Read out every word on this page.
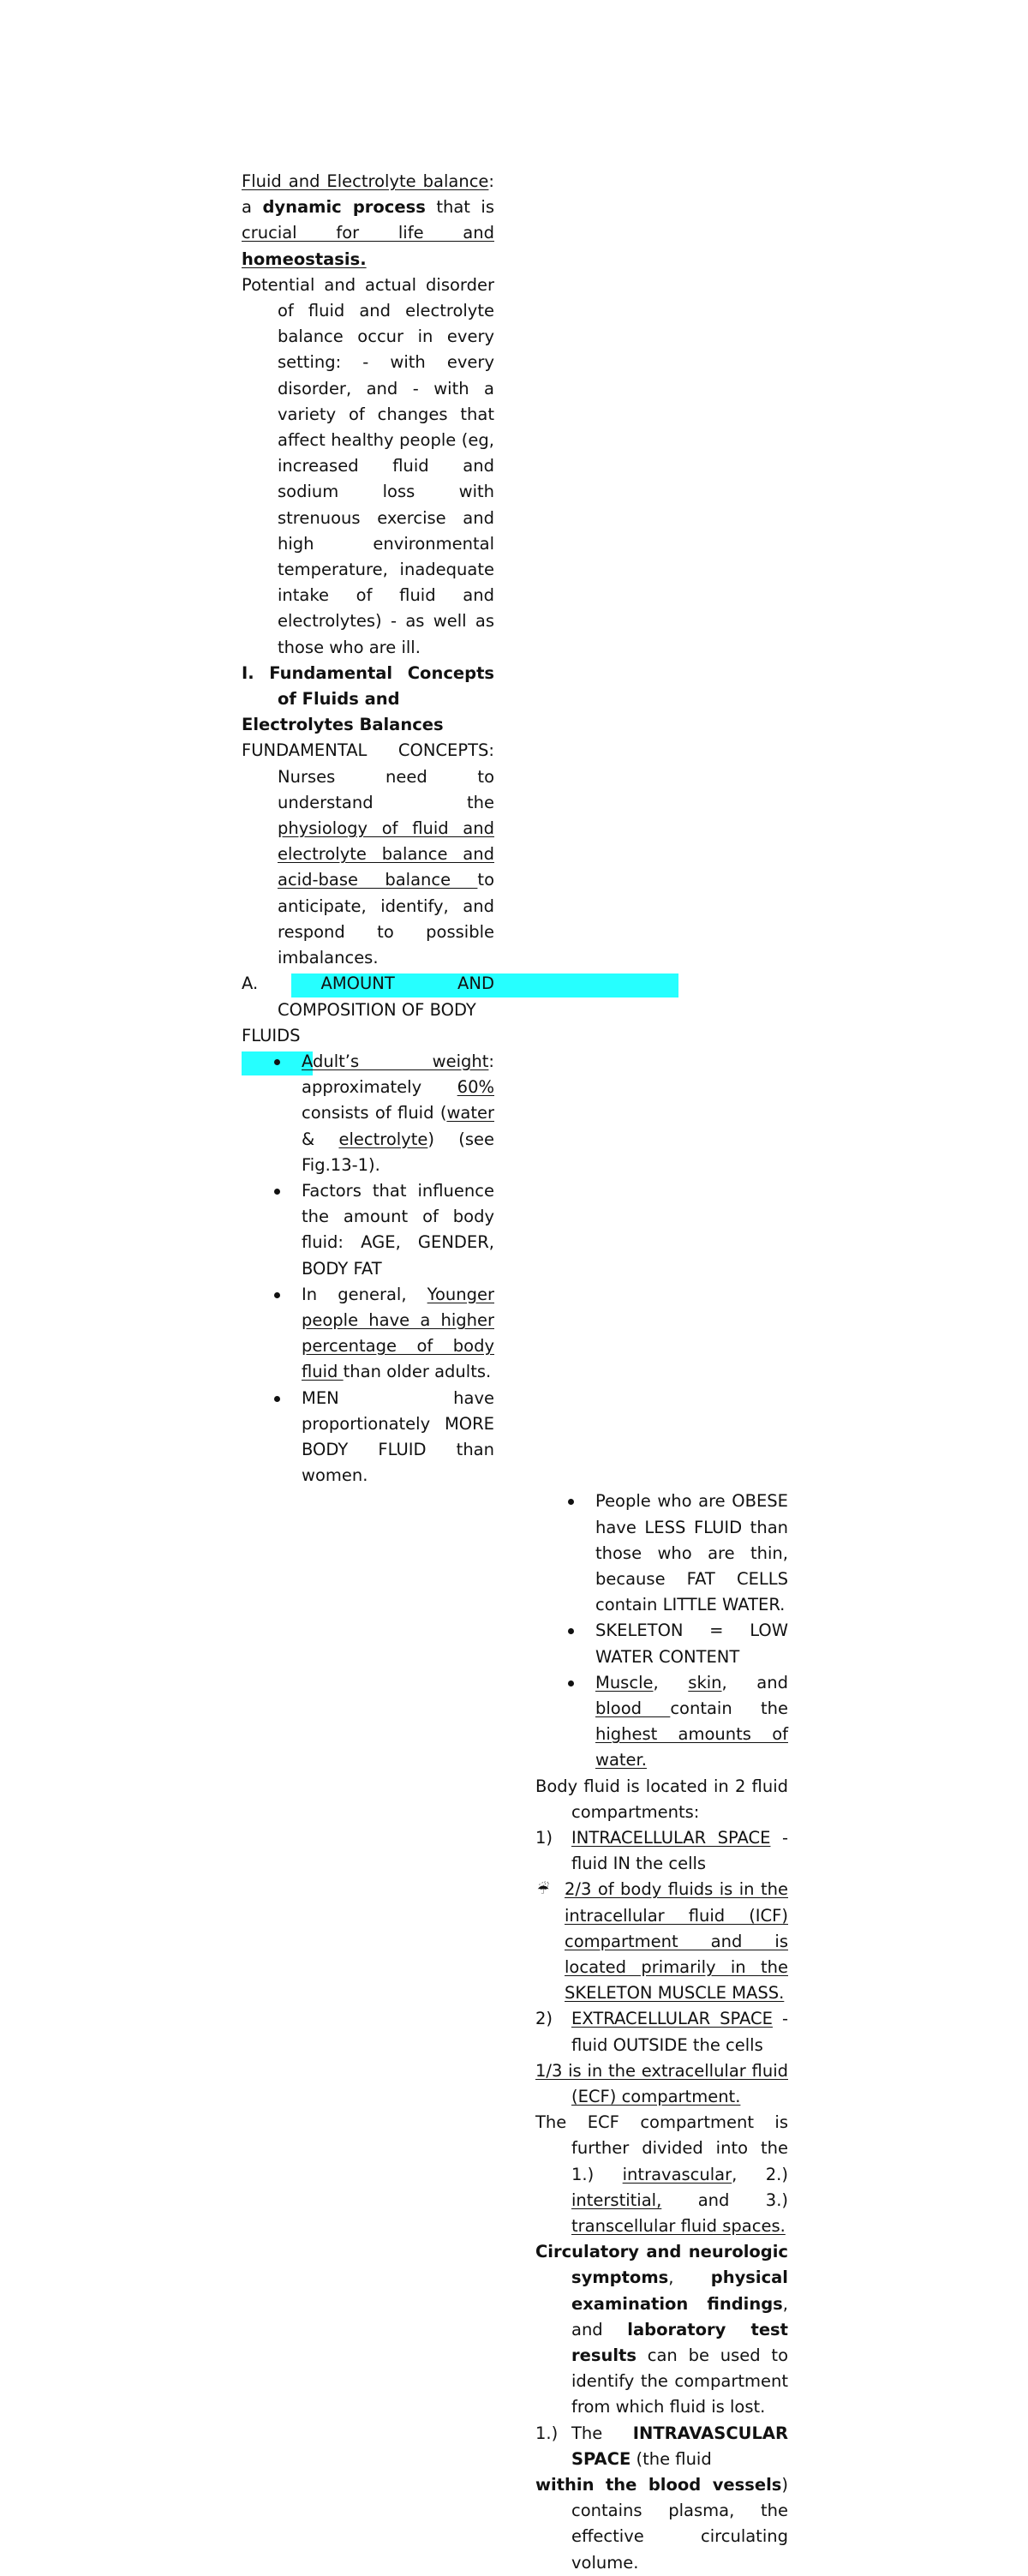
Fluid and Electrolyte balance: a dynamic process that is crucial for life and homeostasis.

Potential and actual disorder of fluid and electrolyte balance occur in every setting: - with every disorder, and - with a variety of changes that affect healthy people (eg, increased fluid and sodium loss with strenuous exercise and high environmental temperature, inadequate intake of fluid and electrolytes) - as well as those who are ill.

I. Fundamental Concepts of Fluids and

Electrolytes Balances

FUNDAMENTAL CONCEPTS: Nurses need to understand the physiology of fluid and electrolyte balance and acid-base balance to anticipate, identify, and respond to possible imbalances.

A. AMOUNT AND COMPOSITION OF BODY

FLUIDS

Adult’s weight: approximately 60% consists of fluid (water & electrolyte) (see Fig.13-1).

Factors that influence the amount of body fluid: AGE, GENDER, BODY FAT

In general, Younger people have a higher percentage of body fluid than older adults.

MEN have proportionately MORE BODY FLUID than women.

People who are OBESE have LESS FLUID than those who are thin, because FAT CELLS contain LITTLE WATER.

SKELETON = LOW WATER CONTENT

Muscle, skin, and blood contain the highest amounts of water.

Body fluid is located in 2 fluid compartments:

1) INTRACELLULAR SPACE - fluid IN the cells

☔ 2/3 of body fluids is in the intracellular fluid (ICF) compartment and is located primarily in the SKELETON MUSCLE MASS.

2) EXTRACELLULAR SPACE - fluid OUTSIDE the cells

1/3 is in the extracellular fluid (ECF) compartment.

The ECF compartment is further divided into the 1.) intravascular, 2.) interstitial, and 3.) transcellular fluid spaces.

Circulatory and neurologic symptoms, physical examination findings, and laboratory test results can be used to identify the compartment from which fluid is lost.

1.) The INTRAVASCULAR SPACE (the fluid

within the blood vessels) contains plasma, the effective circulating volume.
